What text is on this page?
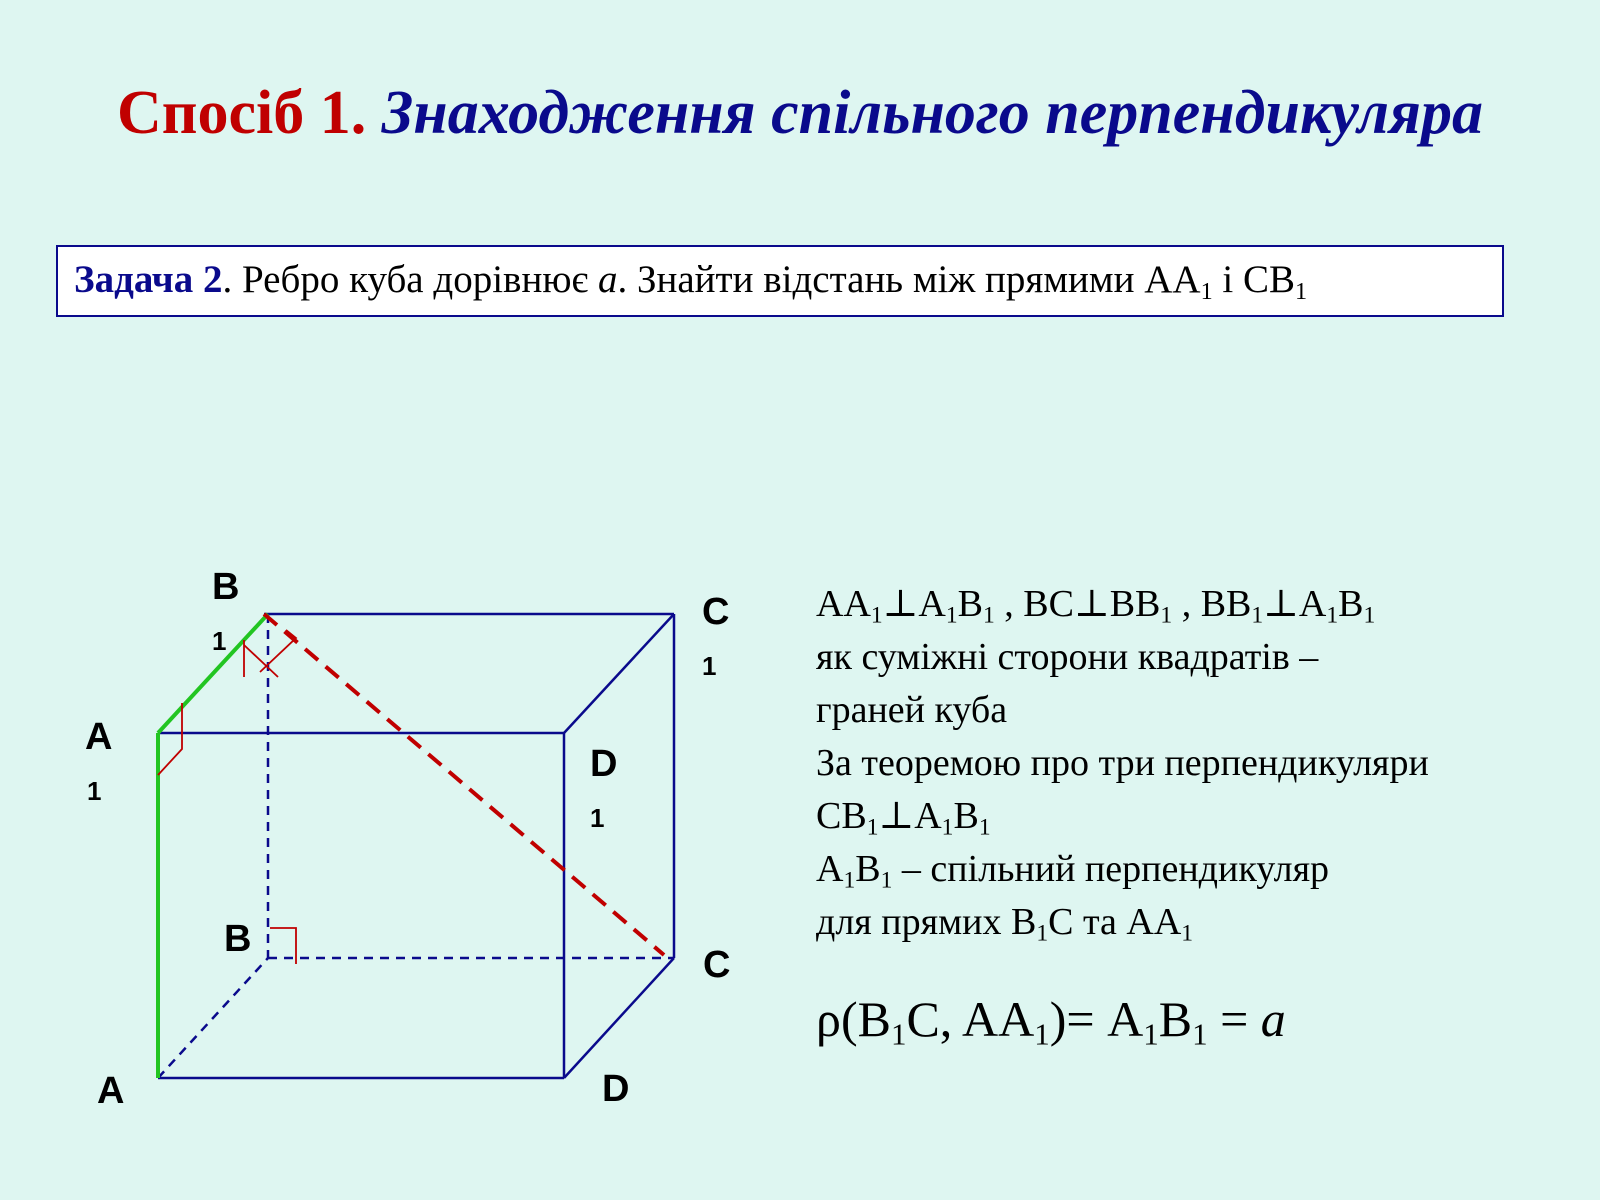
Спосіб 1. Знаходження спільного перпендикуляра
Задача 2. Ребро куба дорівнює a. Знайти відстань між прямими $AA_1$ і $CB_1$
B
1
C
1
A
1
D
1
B
C
A	D
$AA_1\perp A_1B_1$ , $BC\perp BB_1$ , $BB_1\perp A_1B_1$
як суміжні сторони квадратів –
граней куба
За теоремою про три перпендикуляри
$CB_1\perp A_1B_1$
$A_1B_1$ – спільний перпендикуляр
для прямих $B_1C$ та $AA_1$
$\rho(B_1C$, $AA_1)= A_1B_1 = a$
